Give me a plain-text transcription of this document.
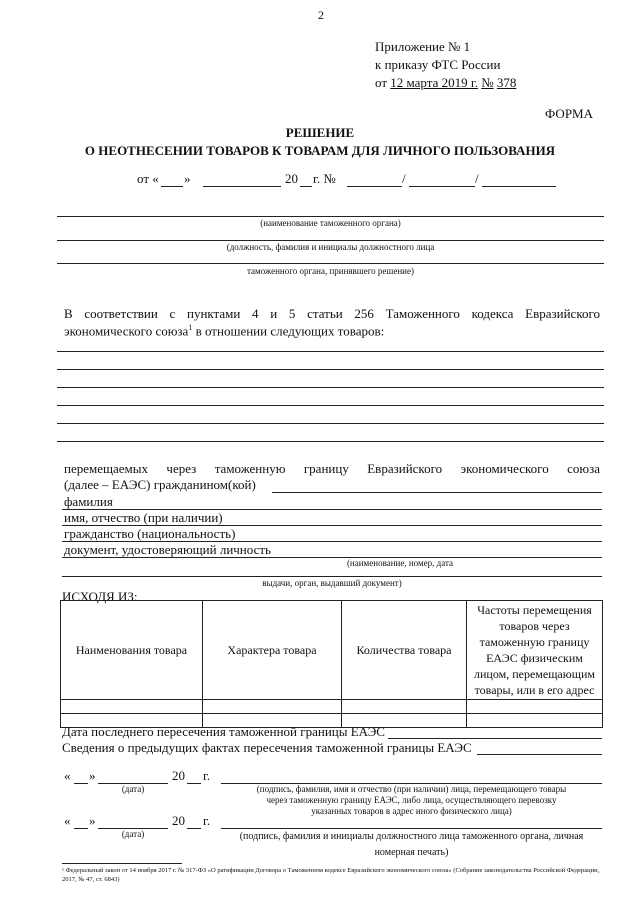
2
Приложение № 1
к приказу ФТС России
от 12 марта 2019 г. № 378
ФОРМА
РЕШЕНИЕ
О НЕОТНЕСЕНИИ ТОВАРОВ К ТОВАРАМ ДЛЯ ЛИЧНОГО ПОЛЬЗОВАНИЯ
от « »	20 г. №	/	/
(наименование таможенного органа)
(должность, фамилия и инициалы должностного лица
таможенного органа, принявшего решение)
В соответствии с пунктами 4 и 5 статьи 256 Таможенного кодекса Евразийского
экономического союза$^1$ в отношении следующих товаров:
перемещаемых через таможенную границу Евразийского экономического союза
(далее – ЕАЭС) гражданином(кой)
фамилия
имя, отчество (при наличии)
гражданство (национальность)
документ, удостоверяющий личность
(наименование, номер, дата
выдачи, орган, выдавший документ)
ИСХОДЯ ИЗ:
Наименования товара	Характера товара	Количества товара	Частоты перемещения товаров через таможенную границу ЕАЭС физическим лицом, перемещающим товары, или в его адрес

Дата последнего пересечения таможенной границы ЕАЭС
Сведения о предыдущих фактах пересечения таможенной границы ЕАЭС
« »	20 г.
(дата)	(подпись, фамилия, имя и отчество (при наличии) лица, перемещающего товары
через таможенную границу ЕАЭС, либо лица, осуществляющего перевозку
указанных товаров в адрес иного физического лица)
« »	20 г.
(дата)	(подпись, фамилия и инициалы должностного лица таможенного органа, личная
номерная печать)
¹ Федеральный закон от 14 ноября 2017 г. № 317-ФЗ «О ратификации Договора о Таможенном кодексе Евразийского экономического союза» (Собрание законодательства Российской Федерации, 2017, № 47, ст. 6843)
